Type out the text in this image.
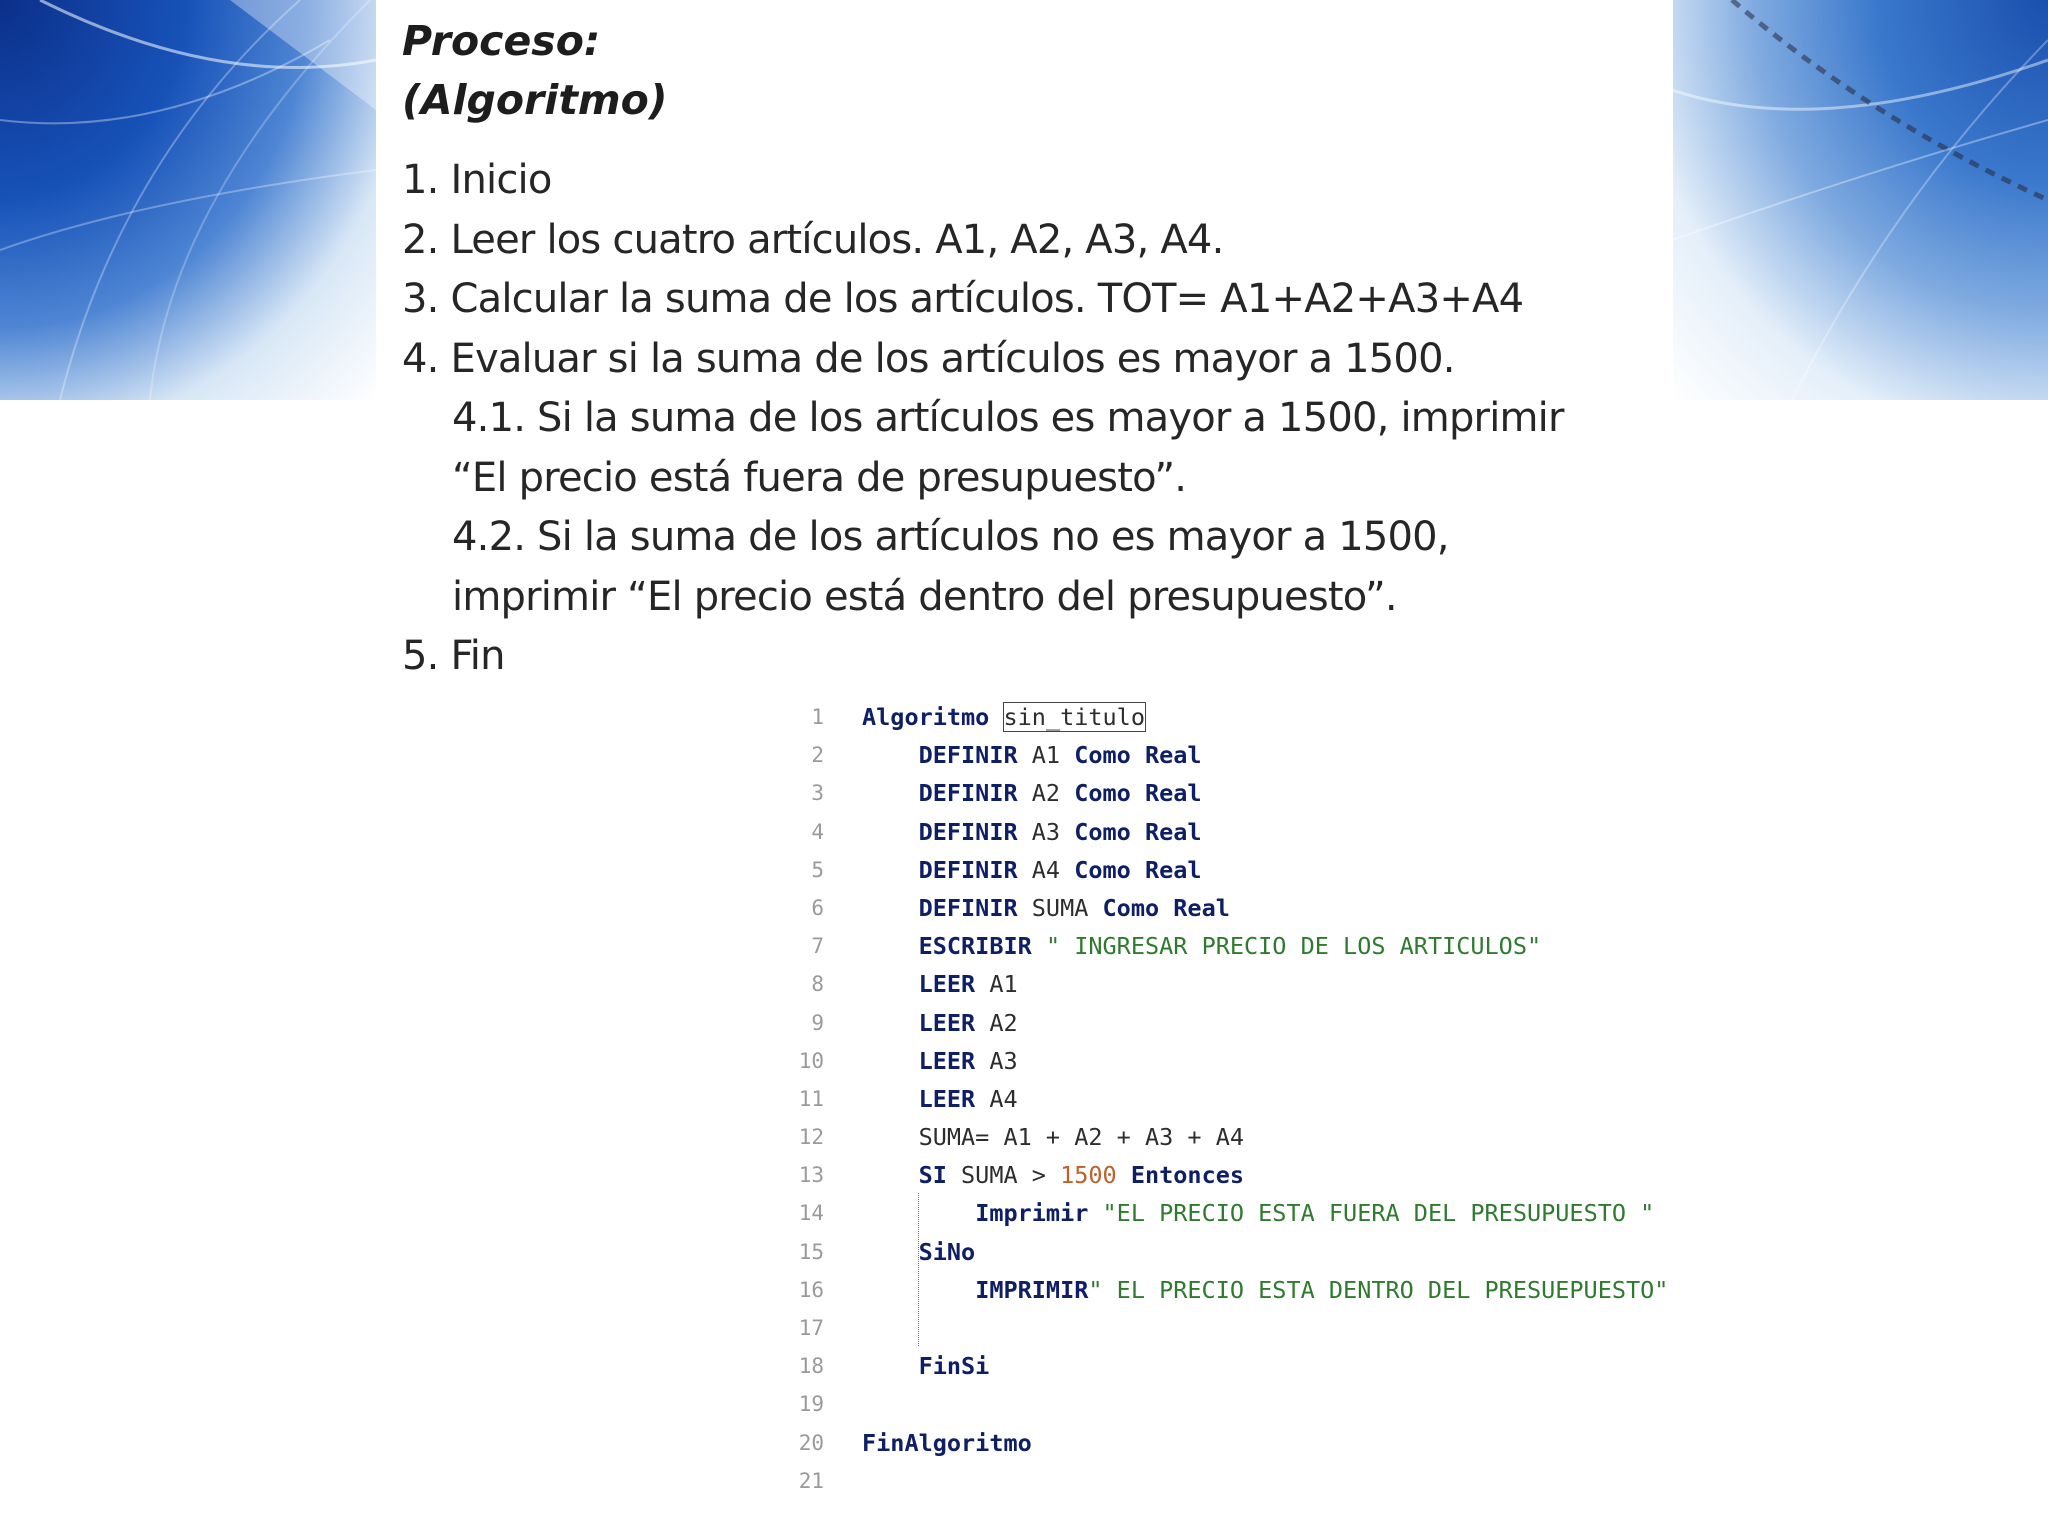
Proceso:
(Algoritmo)
1. Inicio
2. Leer los cuatro artículos. A1, A2, A3, A4.
3. Calcular la suma de los artículos. TOT= A1+A2+A3+A4
4. Evaluar si la suma de los artículos es mayor a 1500.
4.1. Si la suma de los artículos es mayor a 1500, imprimir
“El precio está fuera de presupuesto”.
4.2. Si la suma de los artículos no es mayor a 1500,
imprimir “El precio está dentro del presupuesto”.
5. Fin
1 Algoritmo sin_titulo
2	DEFINIR A1 Como Real
3	DEFINIR A2 Como Real
4	DEFINIR A3 Como Real
5	DEFINIR A4 Como Real
6	DEFINIR SUMA Como Real
7	ESCRIBIR " INGRESAR PRECIO DE LOS ARTICULOS"
8	LEER A1
9	LEER A2
10	LEER A3
11	LEER A4
12 SUMA= A1 + A2 + A3 + A4
13	SI SUMA > 1500 Entonces
14	Imprimir "EL PRECIO ESTA FUERA DEL PRESUPUESTO "
15	SiNo
16	IMPRIMIR" EL PRECIO ESTA DENTRO DEL PRESUEPUESTO"
17
18	FinSi
19
20 FinAlgoritmo
21
